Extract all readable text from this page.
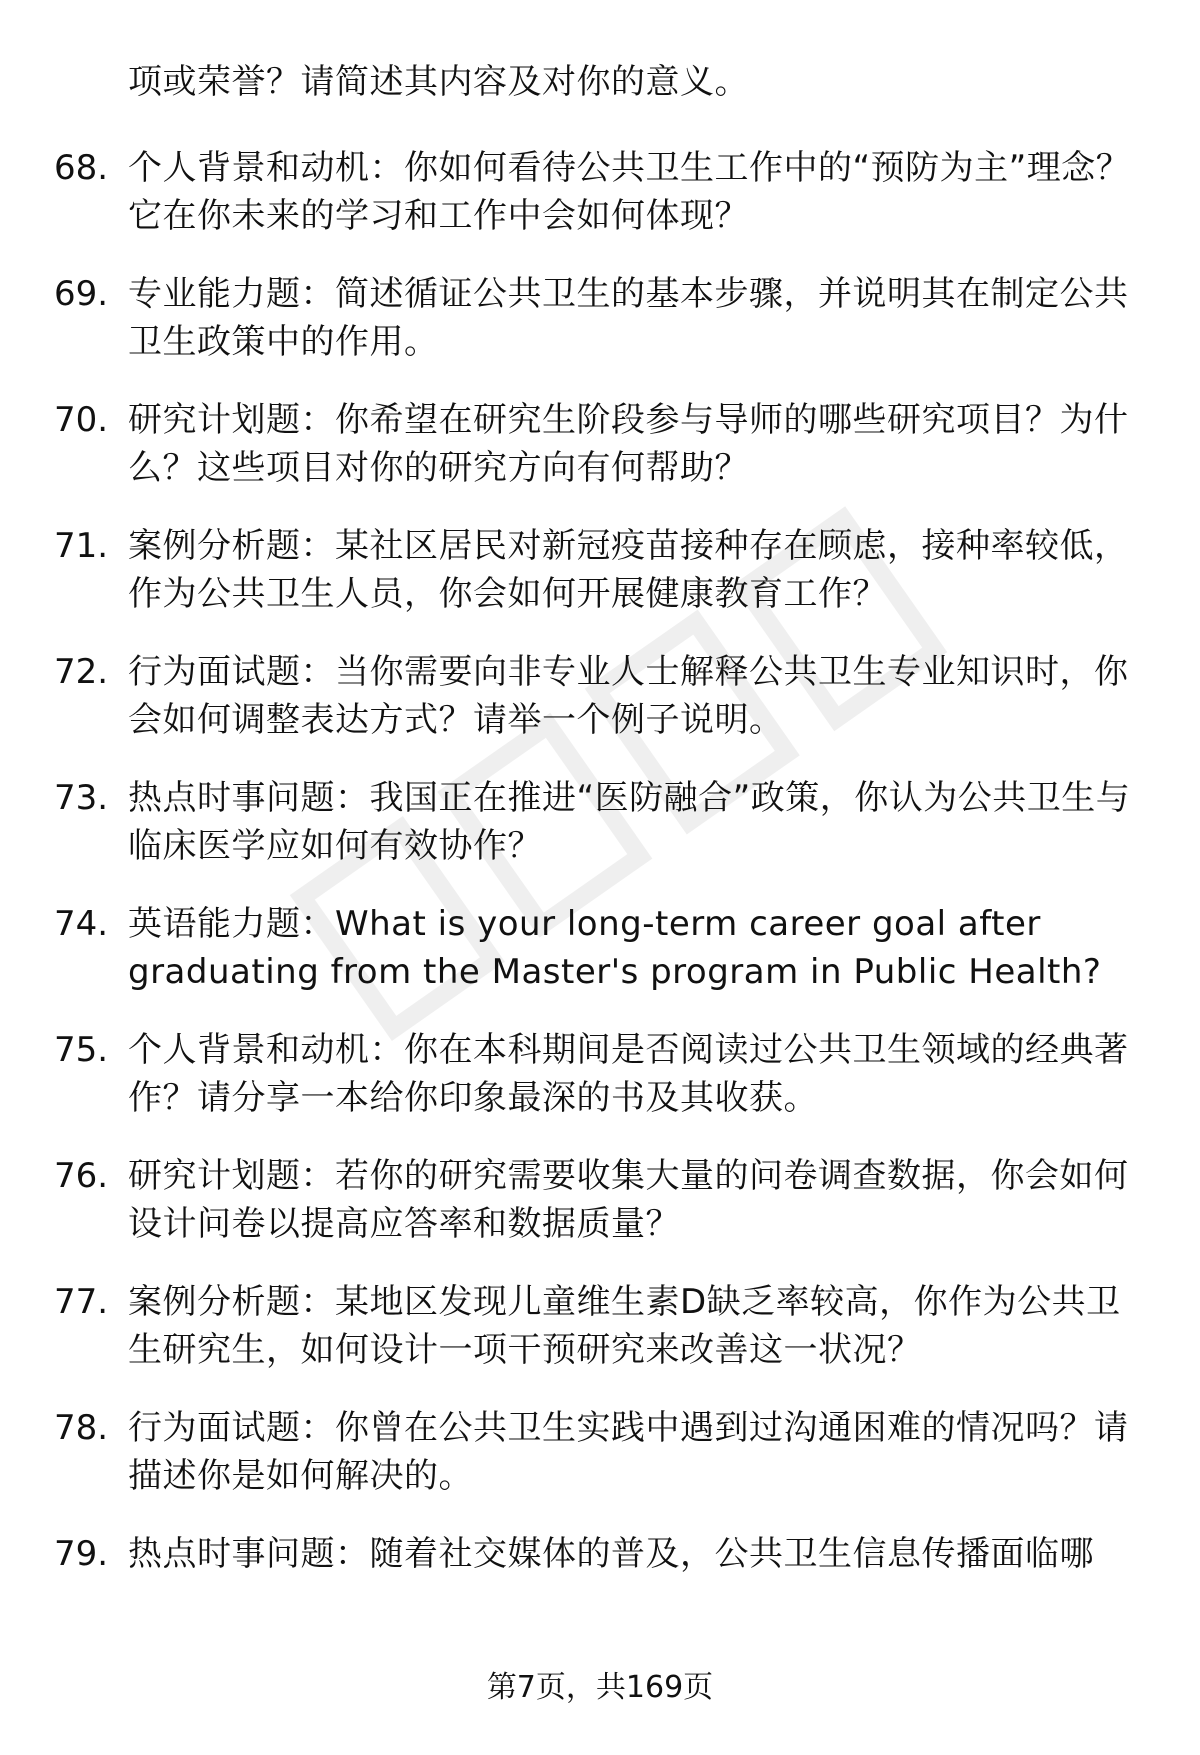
项或荣誉？请简述其内容及对你的意义。
68. 个人背景和动机：你如何看待公共卫生工作中的“预防为主”理念？它在你未来的学习和工作中会如何体现？
69. 专业能力题：简述循证公共卫生的基本步骤，并说明其在制定公共卫生政策中的作用。
70. 研究计划题：你希望在研究生阶段参与导师的哪些研究项目？为什么？这些项目对你的研究方向有何帮助？
71. 案例分析题：某社区居民对新冠疫苗接种存在顾虑，接种率较低，作为公共卫生人员，你会如何开展健康教育工作？
72. 行为面试题：当你需要向非专业人士解释公共卫生专业知识时，你会如何调整表达方式？请举一个例子说明。
73. 热点时事问题：我国正在推进“医防融合”政策，你认为公共卫生与临床医学应如何有效协作？
74. 英语能力题：What is your long-term career goal after graduating from the Master's program in Public Health?
75. 个人背景和动机：你在本科期间是否阅读过公共卫生领域的经典著作？请分享一本给你印象最深的书及其收获。
76. 研究计划题：若你的研究需要收集大量的问卷调查数据，你会如何设计问卷以提高应答率和数据质量？
77. 案例分析题：某地区发现儿童维生素D缺乏率较高，你作为公共卫生研究生，如何设计一项干预研究来改善这一状况？
78. 行为面试题：你曾在公共卫生实践中遇到过沟通困难的情况吗？请描述你是如何解决的。
79. 热点时事问题：随着社交媒体的普及，公共卫生信息传播面临哪
第7页，共169页
